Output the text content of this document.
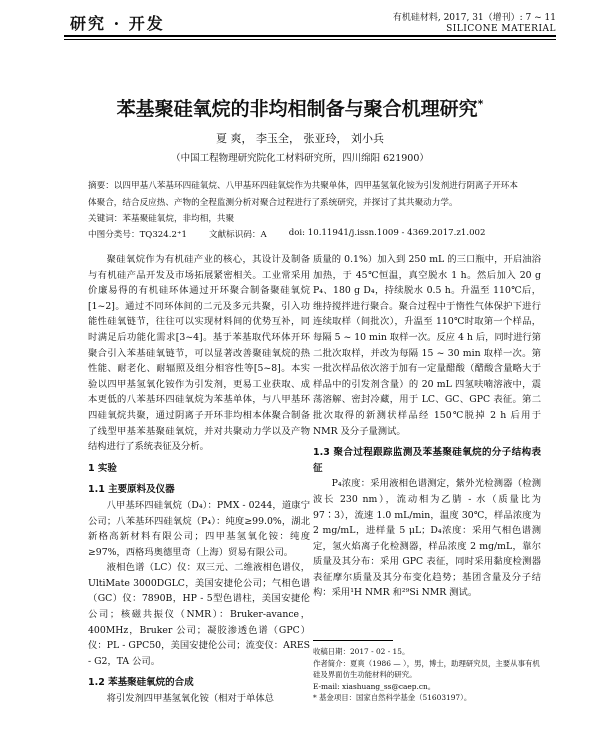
研究 · 开发	有机硅材料, 2017, 31（增刊）: 7 ~ 11
SILICONE MATERIAL
苯基聚硅氧烷的非均相制备与聚合机理研究*
夏 爽， 李玉全， 张亚玲， 刘小兵
（中国工程物理研究院化工材料研究所，四川绵阳 621900）
摘要：以四甲基八苯基环四硅氧烷、八甲基环四硅氧烷作为共聚单体，四甲基氢氧化铵为引发剂进行阴离子开环本体聚合，结合反应热、产物的全程监测分析对聚合过程进行了系统研究，并探讨了其共聚动力学。
关键词：苯基聚硅氧烷，非均相，共聚
中图分类号：TQ324.2⁺1	文献标识码：A	doi: 10.11941/j.issn.1009 - 4369.2017.z1.002

聚硅氧烷作为有机硅产业的核心，其设计及制备与有机硅产品开发及市场拓展紧密相关。工业常采用价廉易得的有机硅环体通过开环聚合制备聚硅氧烷[1~2]。通过不同环体间的二元及多元共聚，引入功能性硅氧链节，往往可以实现材料间的优势互补，同时满足后功能化需求[3~4]。基于苯基取代环体开环聚合引入苯基硅氧链节，可以显著改善聚硅氧烷的热性能、耐老化、耐辐照及组分相容性等[5~8]。本实验以四甲基氢氧化铵作为引发剂，更易工业获取、成本更低的八苯基环四硅氧烷为苯基单体，与八甲基环四硅氧烷共聚，通过阴离子开环非均相本体聚合制备了线型甲基苯基聚硅氧烷，并对共聚动力学以及产物结构进行了系统表征及分析。

1 实验

1.1 主要原料及仪器

八甲基环四硅氧烷（D₄）：PMX - 0244，道康宁公司；八苯基环四硅氧烷（P₄）：纯度≥99.0%，湖北新格高新材料有限公司；四甲基氢氧化铵：纯度≥97%，西格玛奥德里奇（上海）贸易有限公司。

液相色谱（LC）仪：双三元、二维液相色谱仪，UltiMate 3000DGLC，美国安捷伦公司；气相色谱（GC）仪：7890B，HP - 5型色谱柱，美国安捷伦公司；核磁共振仪（NMR）：Bruker-avance，400MHz，Bruker 公司；凝胶渗透色谱（GPC）仪：PL - GPC50，美国安捷伦公司；流变仪：ARES - G2，TA 公司。

1.2 苯基聚硅氧烷的合成

将引发剂四甲基氢氧化铵（相对于单体总

质量的 0.1%）加入到 250 mL 的三口瓶中，开启油浴加热，于 45℃恒温，真空脱水 1 h。然后加入 20 g P₄、180 g D₄，持续脱水 0.5 h。升温至 110℃后，维持搅拌进行聚合。聚合过程中于惰性气体保护下进行连续取样（间批次），升温至 110℃时取第一个样品，每隔 5 ~ 10 min 取样一次。反应 4 h 后，同时进行第二批次取样，并改为每隔 15 ~ 30 min 取样一次。第一批次样品依次溶于加有一定量醋酸（醋酸含量略大于样品中的引发剂含量）的 20 mL 四氢呋喃溶液中，震荡溶解、密封冷藏，用于 LC、GC、GPC 表征。第二批次取得的新测状样品经 150℃脱掉 2 h 后用于 NMR 及分子量测试。

1.3 聚合过程跟踪监测及苯基聚硅氧烷的分子结构表征

P₄浓度：采用液相色谱测定，紫外光检测器（检测波长 230 nm），流动相为乙腈 - 水（质量比为 97∶3），流速 1.0 mL/min，温度 30℃，样品浓度为 2 mg/mL，进样量 5 μL；D₄浓度：采用气相色谱测定，氢火焰离子化检测器，样品浓度 2 mg/mL，靠尔质量及其分布：采用 GPC 表征，同时采用黏度检测器表征摩尔质量及其分布变化趋势；基团含量及分子结构：采用¹H NMR 和²⁹Si NMR 测试。

收稿日期：2017 - 02 - 15。
作者简介：夏爽（1986 — ），男，博士，助理研究员，主要从事有机硅及界面仿生功能材料的研究。
E-mail: xiashuang_ss@caep.cn。
* 基金项目：国家自然科学基金（51603197）。
